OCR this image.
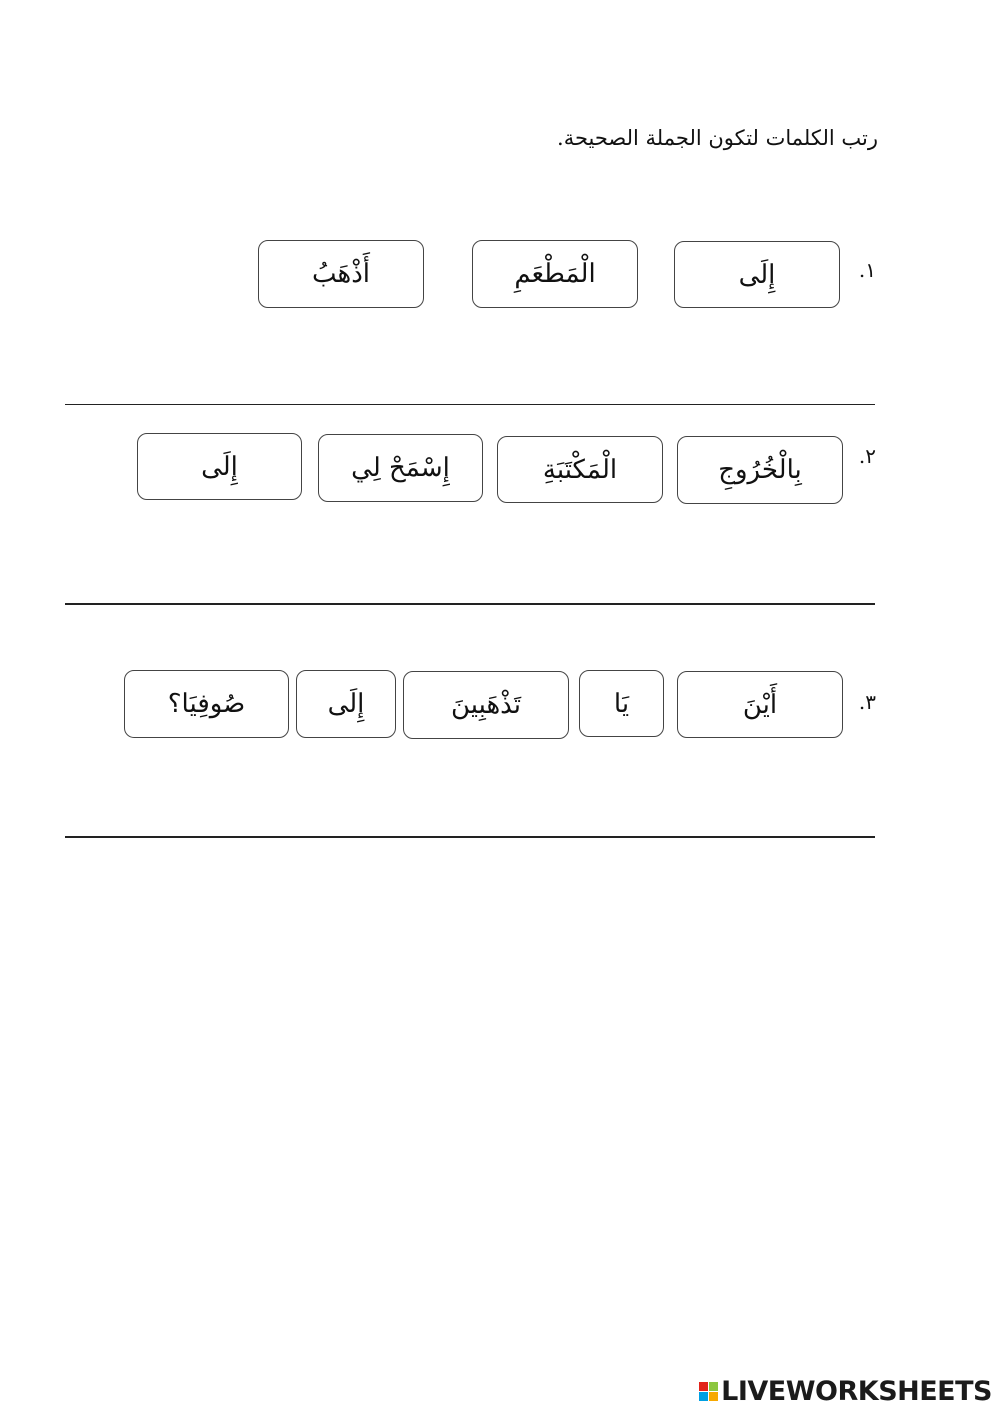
رتب الكلمات لتكون الجملة الصحيحة.
١.
إِلَى
الْمَطْعَمِ
أَذْهَبُ
٢.
بِالْخُرُوجِ
الْمَكْتَبَةِ
إِسْمَحْ لِي
إِلَى
٣.
أَيْنَ
يَا
تَذْهَبِينَ
إِلَى
صُوفِيَا؟
LIVEWORKSHEETS
